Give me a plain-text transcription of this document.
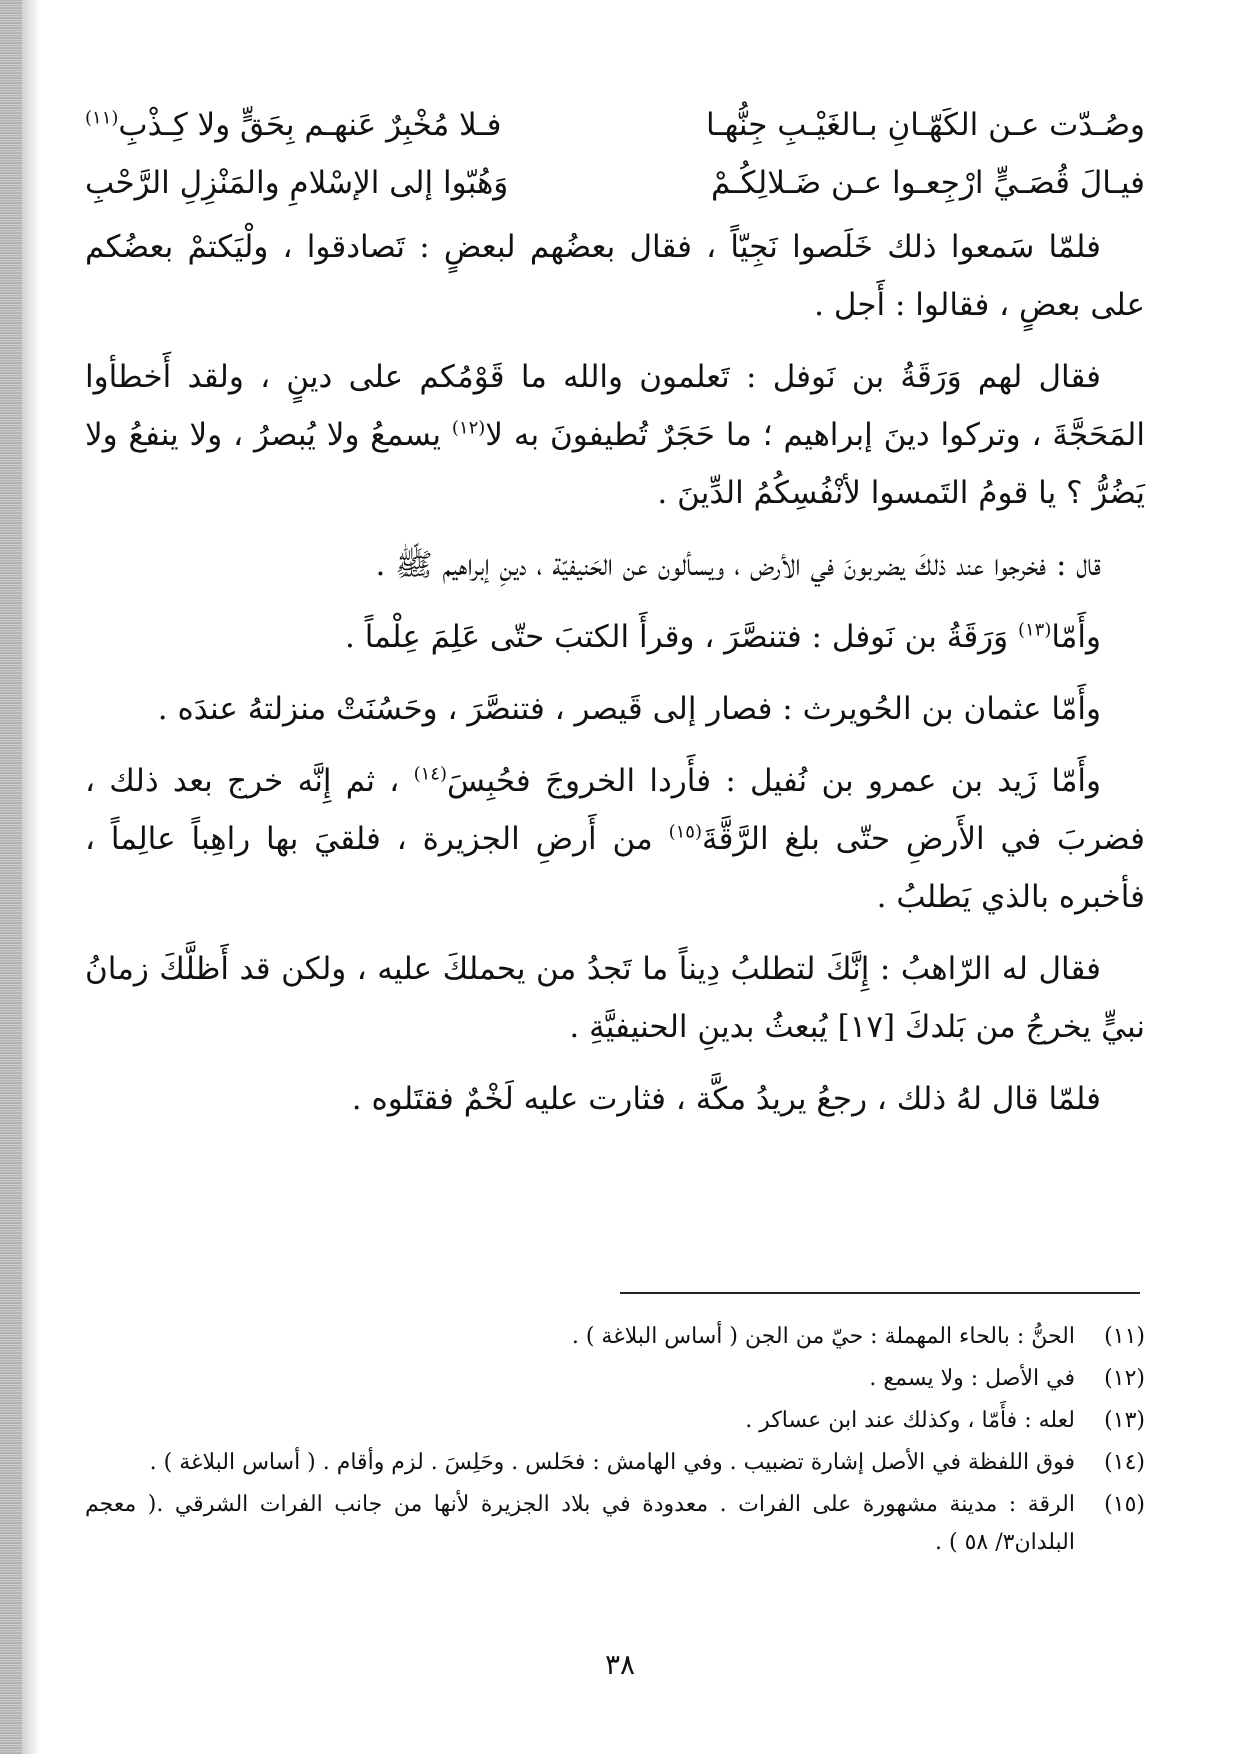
وصُـدّت عـن الكَهّـانِ بـالغَيْـبِ جِنُّهـا
فـلا مُخْبِرٌ عَنهـم بِحَقٍّ ولا كِـذْبِ$^{(١١)}$
فيـالَ قُصَـيٍّ ارْجِعـوا عـن ضَـلالِكُـمْ
وَهُبّوا إلى الإسْلامِ والمَنْزِلِ الرَّحْبِ

فلمّا سَمعوا ذلك خَلَصوا نَجِيّاً ، فقال بعضُهم لبعضٍ : تَصادقوا ، ولْيَكتمْ بعضُكم على بعضٍ ، فقالوا : أَجل .

فقال لهم وَرَقَةُ بن نَوفل : تَعلمون والله ما قَوْمُكم على دينٍ ، ولقد أَخطأوا المَحَجَّةَ ، وتركوا دينَ إبراهيم ؛ ما حَجَرٌ تُطيفونَ به لا$^{(١٢)}$ يسمعُ ولا يُبصرُ ، ولا ينفعُ ولا يَضُرُّ ؟ يا قومُ التَمسوا لأنْفُسِكُمُ الدِّينَ .

قال : فخرجوا عند ذلكَ يضربونَ في الأرض ، ويسألون عن الحَنيفيّة ، دينِ إبراهيم ﷺ .

وأَمّا$^{(١٣)}$ وَرَقَةُ بن نَوفل : فتنصَّرَ ، وقرأَ الكتبَ حتّى عَلِمَ عِلْماً .

وأَمّا عثمان بن الحُويرث : فصار إلى قَيصر ، فتنصَّرَ ، وحَسُنَتْ منزلتهُ عندَه .

وأَمّا زَيد بن عمرو بن نُفيل : فأَردا الخروجَ فحُبِسَ$^{(١٤)}$ ، ثم إِنَّه خرج بعد ذلك ، فضربَ في الأَرضِ حتّى بلغ الرَّقَّةَ$^{(١٥)}$ من أَرضِ الجزيرة ، فلقيَ بها راهِباً عالِماً ، فأخبره بالذي يَطلبُ .

فقال له الرّاهبُ : إِنَّكَ لتطلبُ دِيناً ما تَجدُ من يحملكَ عليه ، ولكن قد أَظلَّكَ زمانُ نبيٍّ يخرجُ من بَلدكَ [١٧] يُبعثُ بدينِ الحنيفيَّةِ .

فلمّا قال لهُ ذلك ، رجعُ يريدُ مكَّة ، فثارت عليه لَخْمٌ فقتَلوه .

(١١)
الحنُّ : بالحاء المهملة : حيّ من الجن ( أساس البلاغة ) .
(١٢)
في الأصل : ولا يسمع .
(١٣)
لعله : فأَمّا ، وكذلك عند ابن عساكر .
(١٤)
فوق اللفظة في الأصل إشارة تضبيب . وفي الهامش : فحَلس . وحَلِسَ . لزم وأقام . ( أساس البلاغة ) .
(١٥)
الرقة : مدينة مشهورة على الفرات . معدودة في بلاد الجزيرة لأنها من جانب الفرات الشرقي .( معجم البلدان٣/ ٥٨ ) .
٣٨
